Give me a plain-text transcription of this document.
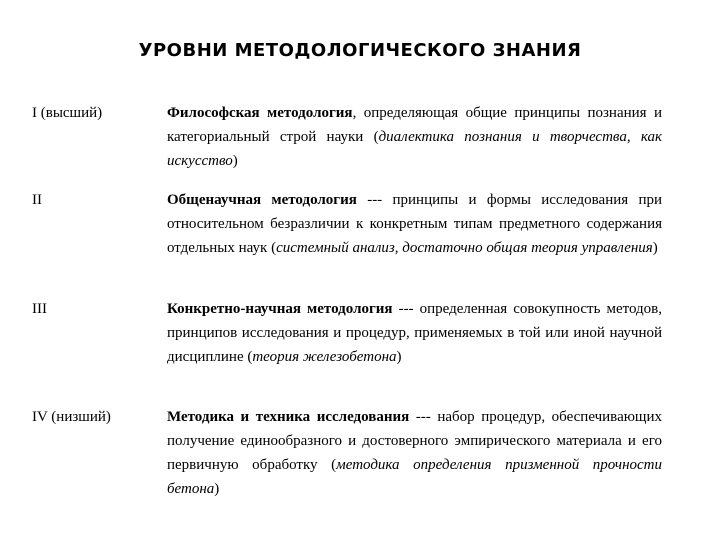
УРОВНИ МЕТОДОЛОГИЧЕСКОГО ЗНАНИЯ
I (высший)	Философская методология, определяющая общие принципы познания и категориальный строй науки (диалектика познания и творчества, как искусство)
II	Общенаучная методология --- принципы и формы исследования при относительном безразличии к конкретным типам предметного содержания отдельных наук (системный анализ, достаточно общая теория управления)
III	Конкретно-научная методология --- определенная совокупность методов, принципов исследования и процедур, применяемых в той или иной научной дисциплине (теория железобетона)
IV (низший)	Методика и техника исследования --- набор процедур, обеспечивающих получение единообразного и достоверного эмпирического материала и его первичную обработку (методика определения призменной прочности бетона)
